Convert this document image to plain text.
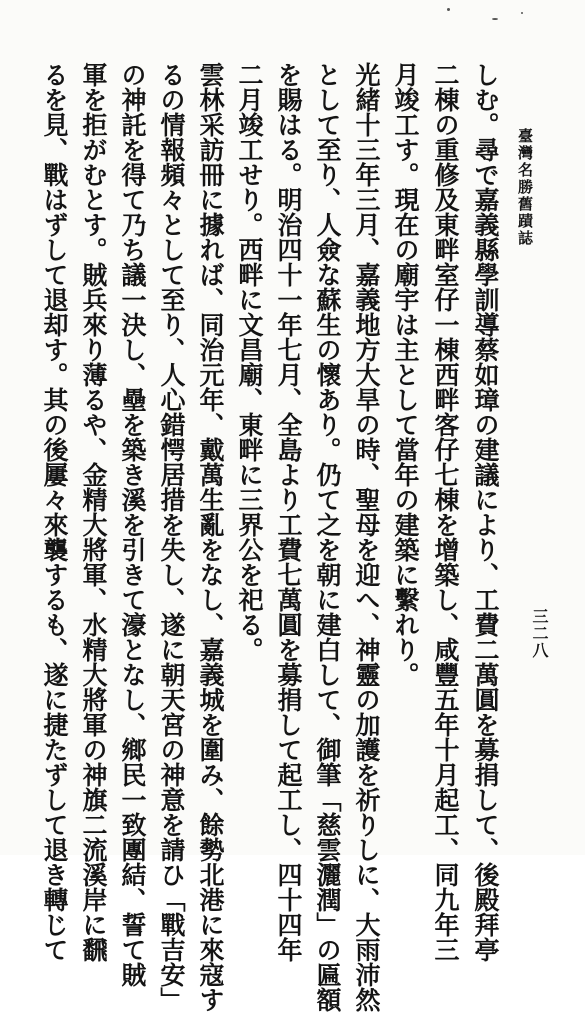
臺灣名勝舊蹟誌
三二八
しむ。尋で嘉義縣學訓導蔡如璋の建議により、工費二萬圓を募捐して、後殿拜亭
二棟の重修及東畔室仔一棟西畔客仔七棟を增築し、咸豐五年十月起工、同九年三
月竣工す。現在の廟宇は主として當年の建築に繫れり。
光緒十三年三月、嘉義地方大旱の時、聖母を迎へ、神靈の加護を祈りしに、大雨沛然
として至り、人僉な蘇生の懷あり。仍て之を朝に建白して、御筆「慈雲灑潤」の匾額
を賜はる。明治四十一年七月、全島より工費七萬圓を募捐して起工し、四十四年
二月竣工せり。西畔に文昌廟、東畔に三界公を祀る。
雲林采訪冊に據れば、同治元年、戴萬生亂をなし、嘉義城を圍み、餘勢北港に來寇す
るの情報頻々として至り、人心錯愕居措を失し、遂に朝天宮の神意を請ひ「戰吉安」
の神託を得て乃ち議一決し、壘を築き溪を引きて濠となし、鄉民一致團結、誓て賊
軍を拒がむとす。賊兵來り薄るや、金精大將軍、水精大將軍の神旗二流溪岸に飜
るを見、戰はずして退却す。其の後屢々來襲するも、遂に捷たずして退き轉じて
